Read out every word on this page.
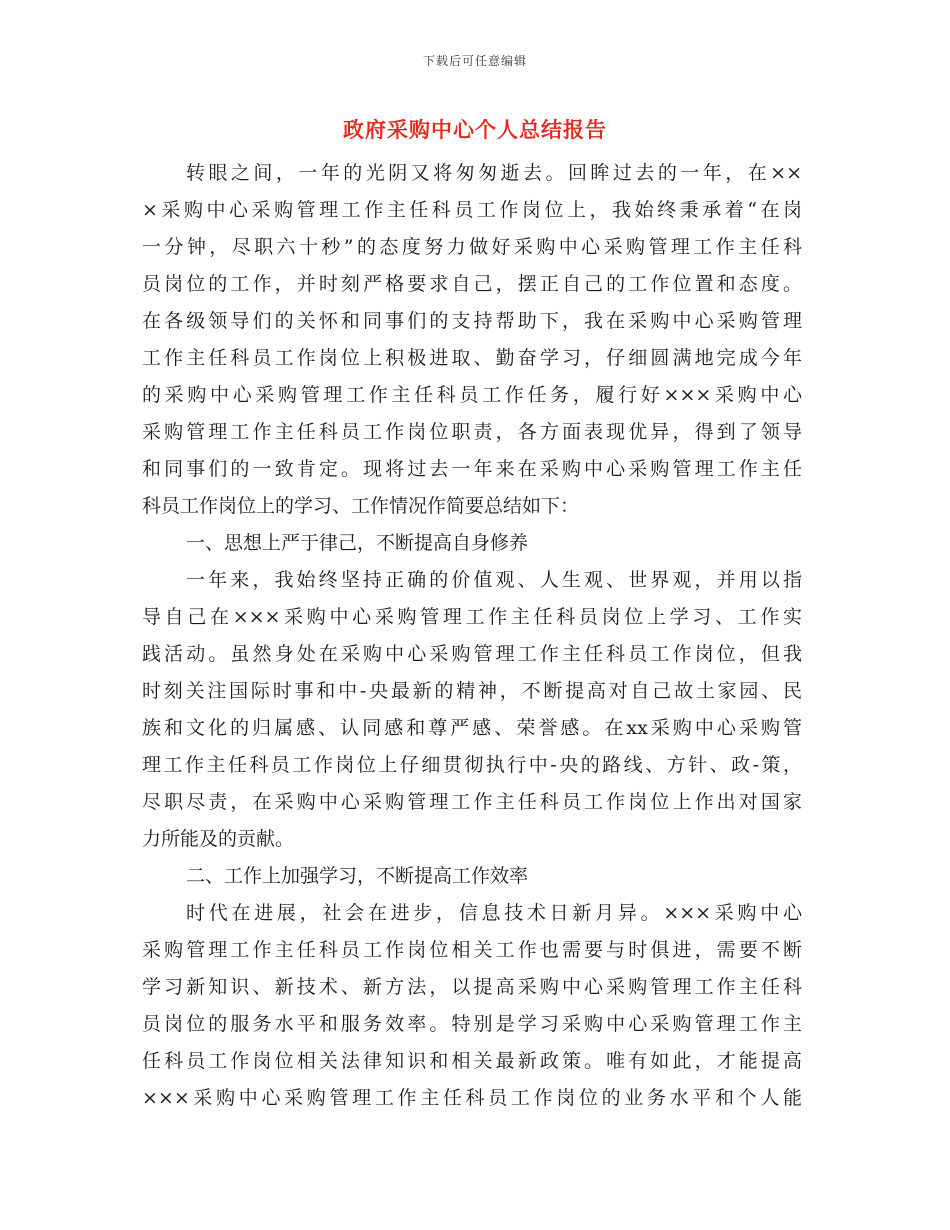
下载后可任意编辑
政府采购中心个人总结报告
转眼之间，一年的光阴又将匆匆逝去。回眸过去的一年，在××
×采购中心采购管理工作主任科员工作岗位上，我始终秉承着“在岗
一分钟，尽职六十秒”的态度努力做好采购中心采购管理工作主任科
员岗位的工作，并时刻严格要求自己，摆正自己的工作位置和态度。
在各级领导们的关怀和同事们的支持帮助下，我在采购中心采购管理
工作主任科员工作岗位上积极进取、勤奋学习，仔细圆满地完成今年
的采购中心采购管理工作主任科员工作任务，履行好×××采购中心
采购管理工作主任科员工作岗位职责，各方面表现优异，得到了领导
和同事们的一致肯定。现将过去一年来在采购中心采购管理工作主任
科员工作岗位上的学习、工作情况作简要总结如下：
一、思想上严于律己，不断提高自身修养
一年来，我始终坚持正确的价值观、人生观、世界观，并用以指
导自己在×××采购中心采购管理工作主任科员岗位上学习、工作实
践活动。虽然身处在采购中心采购管理工作主任科员工作岗位，但我
时刻关注国际时事和中-央最新的精神，不断提高对自己故土家园、民
族和文化的归属感、认同感和尊严感、荣誉感。在xx采购中心采购管
理工作主任科员工作岗位上仔细贯彻执行中-央的路线、方针、政-策，
尽职尽责，在采购中心采购管理工作主任科员工作岗位上作出对国家
力所能及的贡献。
二、工作上加强学习，不断提高工作效率
时代在进展，社会在进步，信息技术日新月异。×××采购中心
采购管理工作主任科员工作岗位相关工作也需要与时俱进，需要不断
学习新知识、新技术、新方法，以提高采购中心采购管理工作主任科
员岗位的服务水平和服务效率。特别是学习采购中心采购管理工作主
任科员工作岗位相关法律知识和相关最新政策。唯有如此，才能提高
×××采购中心采购管理工作主任科员工作岗位的业务水平和个人能
